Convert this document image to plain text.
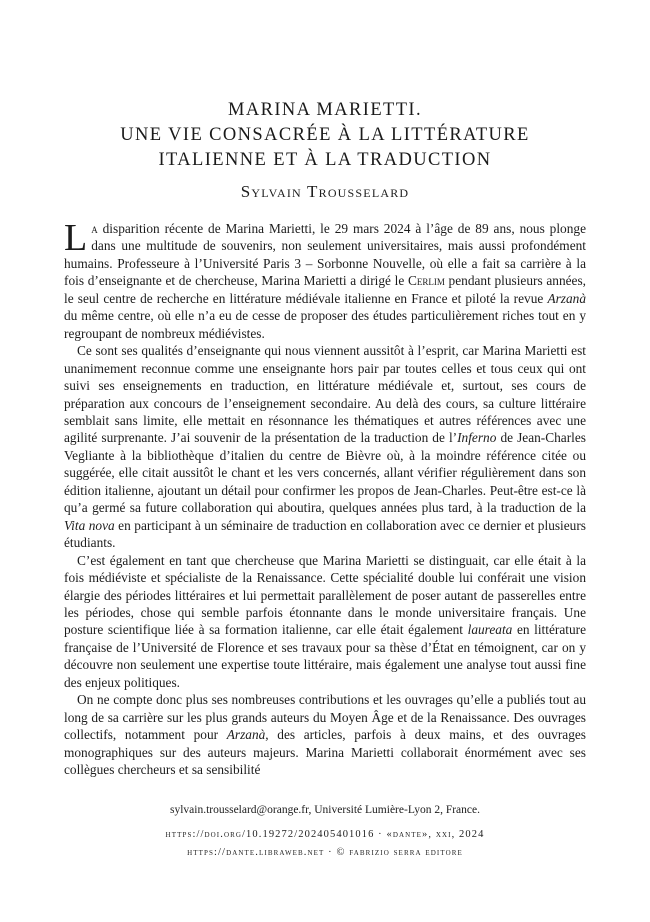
MARINA MARIETTI.
UNE VIE CONSACRÉE À LA LITTÉRATURE
ITALIENNE ET À LA TRADUCTION
Sylvain Trousselard

La disparition récente de Marina Marietti, le 29 mars 2024 à l’âge de 89 ans, nous plonge dans une multitude de souvenirs, non seulement universitaires, mais aussi profondément humains. Professeure à l’Université Paris 3 – Sorbonne Nouvelle, où elle a fait sa carrière à la fois d’enseignante et de chercheuse, Marina Marietti a dirigé le Cerlim pendant plusieurs années, le seul centre de recherche en littérature médiévale italienne en France et piloté la revue Arzanà du même centre, où elle n’a eu de cesse de proposer des études particulièrement riches tout en y regroupant de nombreux médiévistes.

Ce sont ses qualités d’enseignante qui nous viennent aussitôt à l’esprit, car Marina Marietti est unanimement reconnue comme une enseignante hors pair par toutes celles et tous ceux qui ont suivi ses enseignements en traduction, en littérature médiévale et, surtout, ses cours de préparation aux concours de l’enseignement secondaire. Au delà des cours, sa culture littéraire semblait sans limite, elle mettait en résonnance les thématiques et autres références avec une agilité surprenante. J’ai souvenir de la présentation de la traduction de l’Inferno de Jean-Charles Vegliante à la bibliothèque d’italien du centre de Bièvre où, à la moindre référence citée ou suggérée, elle citait aussitôt le chant et les vers concernés, allant vérifier régulièrement dans son édition italienne, ajoutant un détail pour confirmer les propos de Jean-Charles. Peut-être est-ce là qu’a germé sa future collaboration qui aboutira, quelques années plus tard, à la traduction de la Vita nova en participant à un séminaire de traduction en collaboration avec ce dernier et plusieurs étudiants.

C’est également en tant que chercheuse que Marina Marietti se distinguait, car elle était à la fois médiéviste et spécialiste de la Renaissance. Cette spécialité double lui conférait une vision élargie des périodes littéraires et lui permettait parallèlement de poser autant de passerelles entre les périodes, chose qui semble parfois étonnante dans le monde universitaire français. Une posture scientifique liée à sa formation italienne, car elle était également laureata en littérature française de l’Université de Florence et ses travaux pour sa thèse d’État en témoignent, car on y découvre non seulement une expertise toute littéraire, mais également une analyse tout aussi fine des enjeux politiques.

On ne compte donc plus ses nombreuses contributions et les ouvrages qu’elle a publiés tout au long de sa carrière sur les plus grands auteurs du Moyen Âge et de la Renaissance. Des ouvrages collectifs, notamment pour Arzanà, des articles, parfois à deux mains, et des ouvrages monographiques sur des auteurs majeurs. Marina Marietti collaborait énormément avec ses collègues chercheurs et sa sensibilité

sylvain.trousselard@orange.fr, Université Lumière-Lyon 2, France.
https://doi.org/10.19272/202405401016 · «dante», xxi, 2024
https://dante.libraweb.net · © fabrizio serra editore
